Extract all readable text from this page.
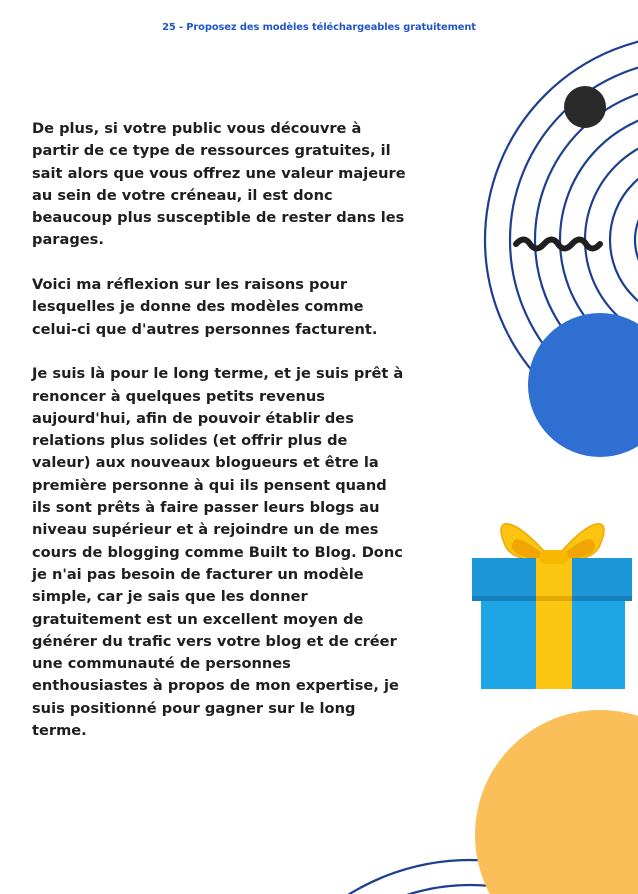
25 - Proposez des modèles téléchargeables gratuitement

De plus, si votre public vous découvre à
partir de ce type de ressources gratuites, il
sait alors que vous offrez une valeur majeure
au sein de votre créneau, il est donc
beaucoup plus susceptible de rester dans les
parages.

Voici ma réflexion sur les raisons pour
lesquelles je donne des modèles comme
celui-ci que d'autres personnes facturent.

Je suis là pour le long terme, et je suis prêt à
renoncer à quelques petits revenus
aujourd'hui, afin de pouvoir établir des
relations plus solides (et offrir plus de
valeur) aux nouveaux blogueurs et être la
première personne à qui ils pensent quand
ils sont prêts à faire passer leurs blogs au
niveau supérieur et à rejoindre un de mes
cours de blogging comme Built to Blog. Donc
je n'ai pas besoin de facturer un modèle
simple, car je sais que les donner
gratuitement est un excellent moyen de
générer du trafic vers votre blog et de créer
une communauté de personnes
enthousiastes à propos de mon expertise, je
suis positionné pour gagner sur le long
terme.
